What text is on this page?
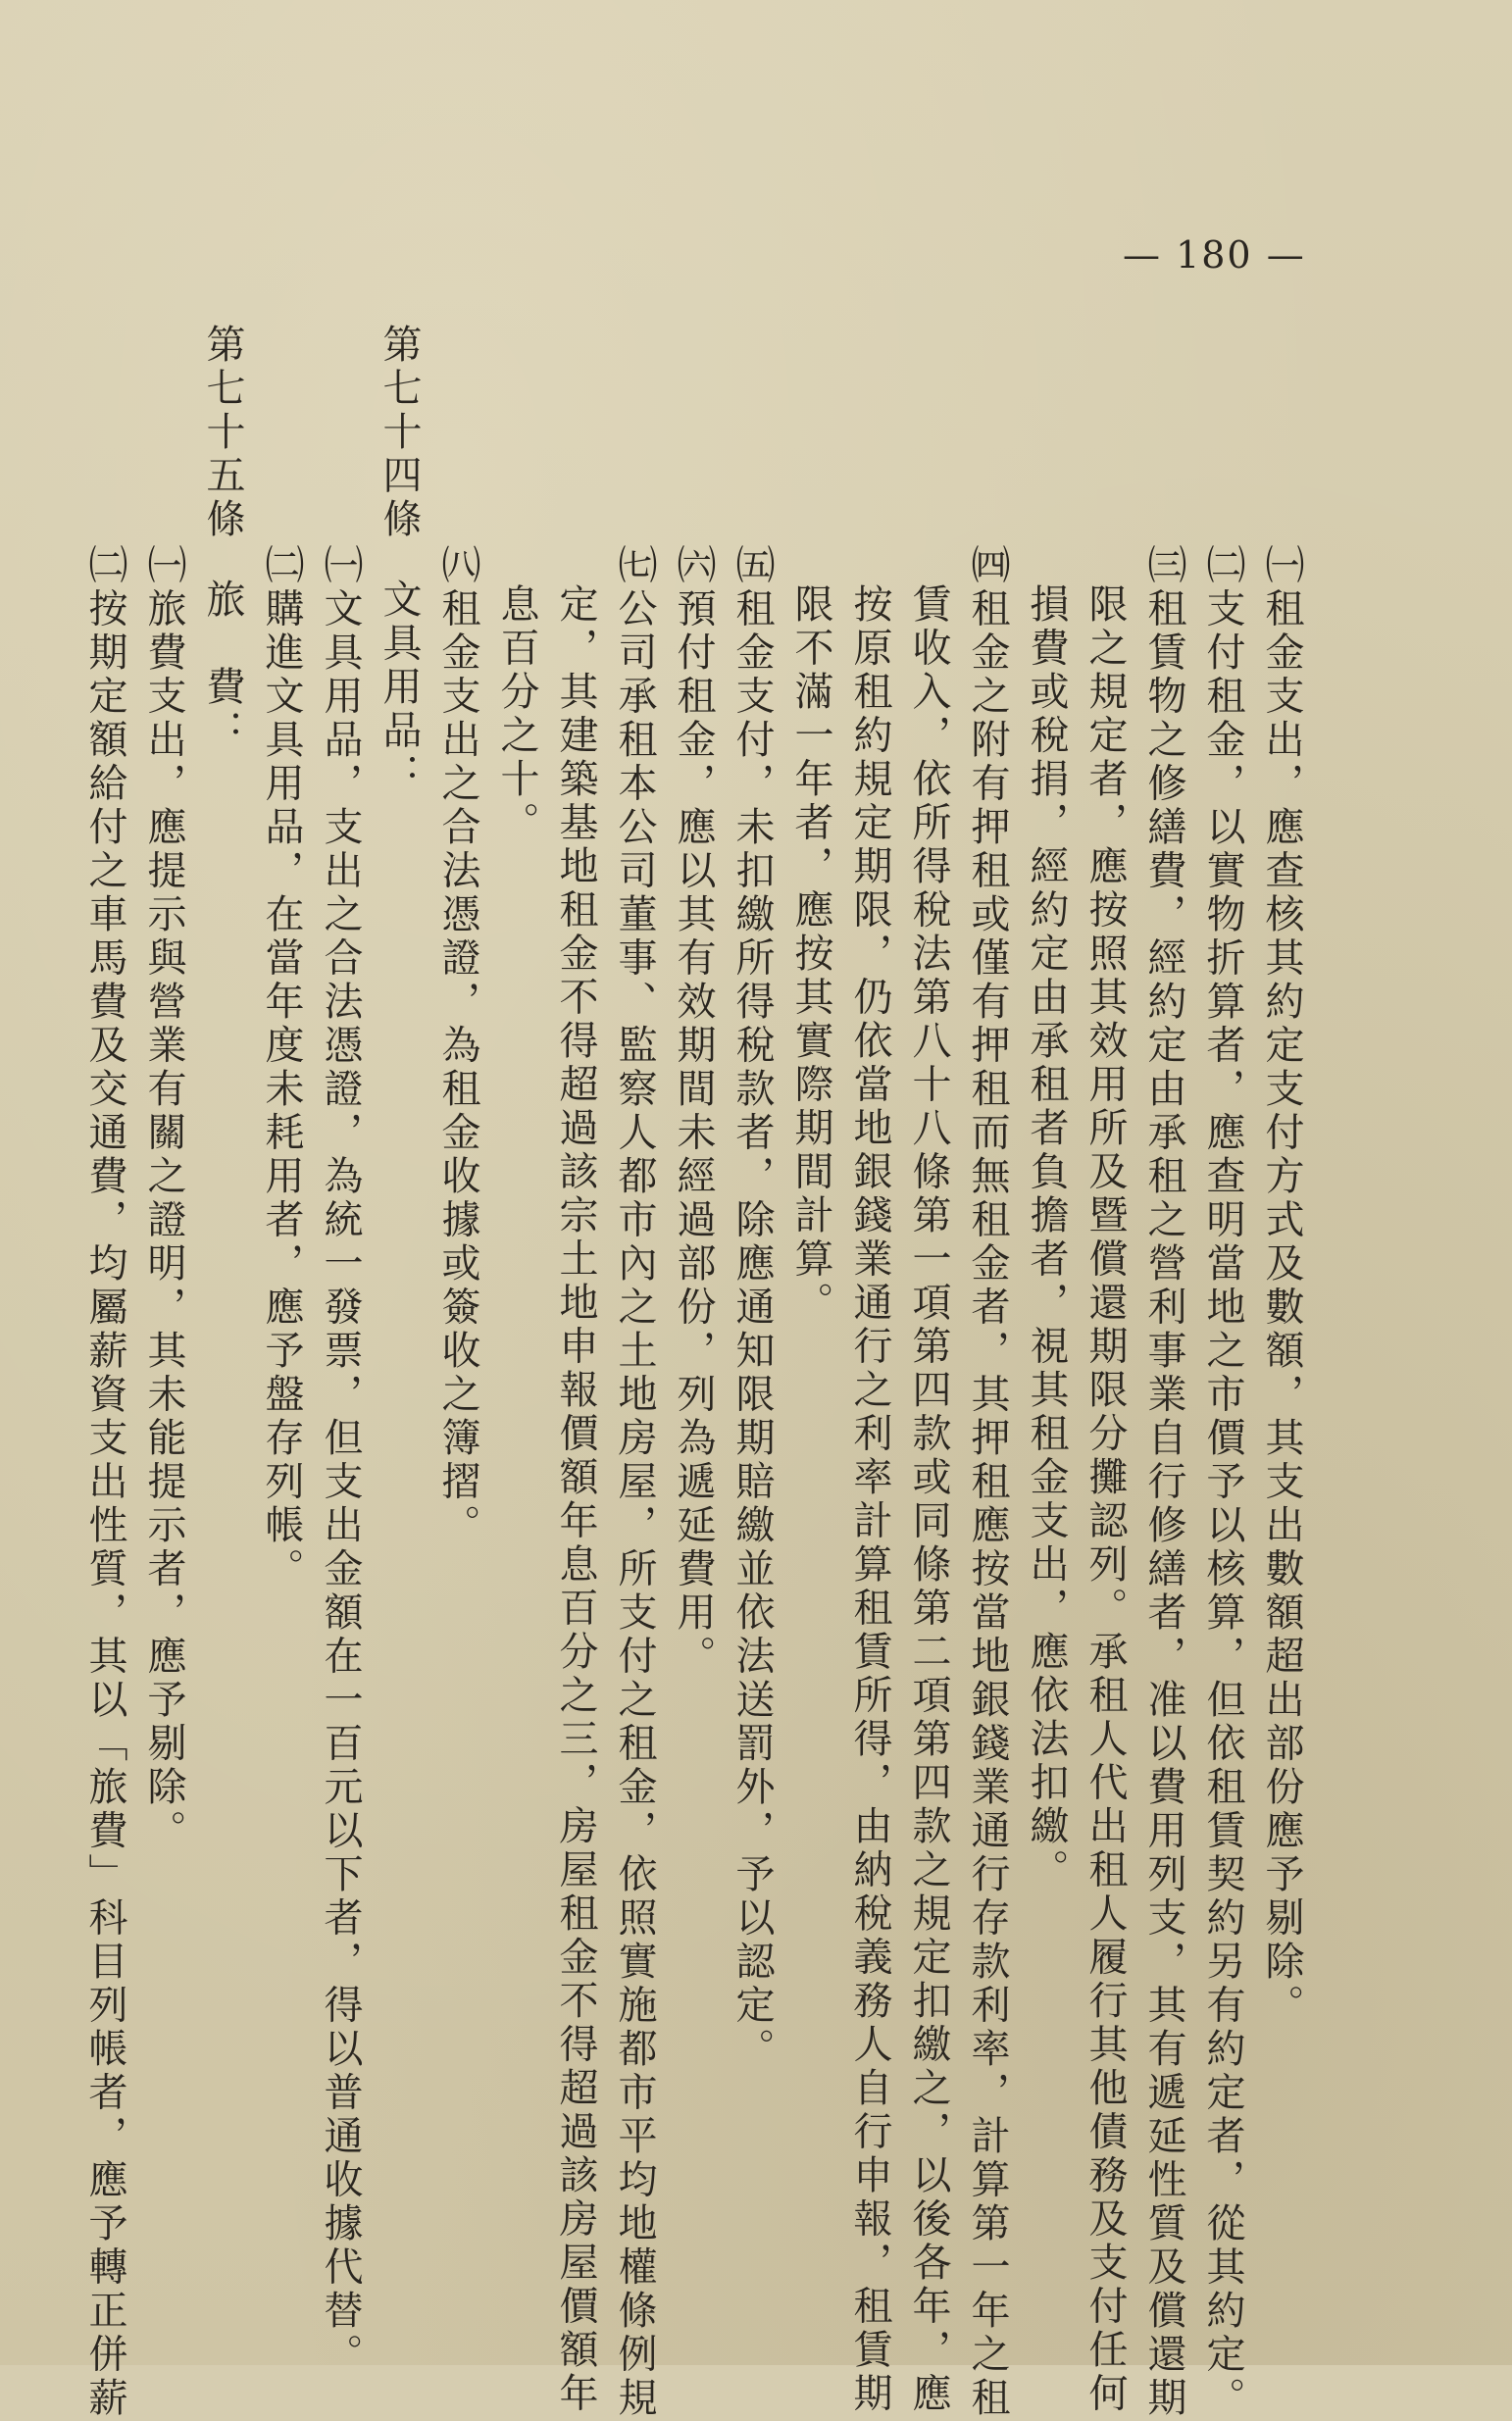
— 180 —

㈠租金支出，應查核其約定支付方式及數額，其支出數額超出部份應予剔除。

㈡支付租金，以實物折算者，應查明當地之市價予以核算，但依租賃契約另有約定者，從其約定。

㈢租賃物之修繕費，經約定由承租之營利事業自行修繕者，准以費用列支，其有遞延性質及償還期

限之規定者，應按照其效用所及暨償還期限分攤認列。承租人代出租人履行其他債務及支付任何

損費或稅捐，經約定由承租者負擔者，視其租金支出，應依法扣繳。

㈣租金之附有押租或僅有押租而無租金者，其押租應按當地銀錢業通行存款利率，計算第一年之租

賃收入，依所得稅法第八十八條第一項第四款或同條第二項第四款之規定扣繳之，以後各年，應

按原租約規定期限，仍依當地銀錢業通行之利率計算租賃所得，由納稅義務人自行申報，租賃期

限不滿一年者，應按其實際期間計算。

㈤租金支付，未扣繳所得稅款者，除應通知限期賠繳並依法送罰外，予以認定。

㈥預付租金，應以其有效期間未經過部份，列為遞延費用。

㈦公司承租本公司董事、監察人都市內之土地房屋，所支付之租金，依照實施都市平均地權條例規

定，其建築基地租金不得超過該宗土地申報價額年息百分之三，房屋租金不得超過該房屋價額年

息百分之十。

㈧租金支出之合法憑證，為租金收據或簽收之簿摺。

第七十四條文具用品：

㈠文具用品，支出之合法憑證，為統一發票，但支出金額在一百元以下者，得以普通收據代替。

㈡購進文具用品，在當年度未耗用者，應予盤存列帳。

第七十五條旅　費：

㈠旅費支出，應提示與營業有關之證明，其未能提示者，應予剔除。

㈡按期定額給付之車馬費及交通費，均屬薪資支出性質，其以「旅費」科目列帳者，應予轉正併薪
